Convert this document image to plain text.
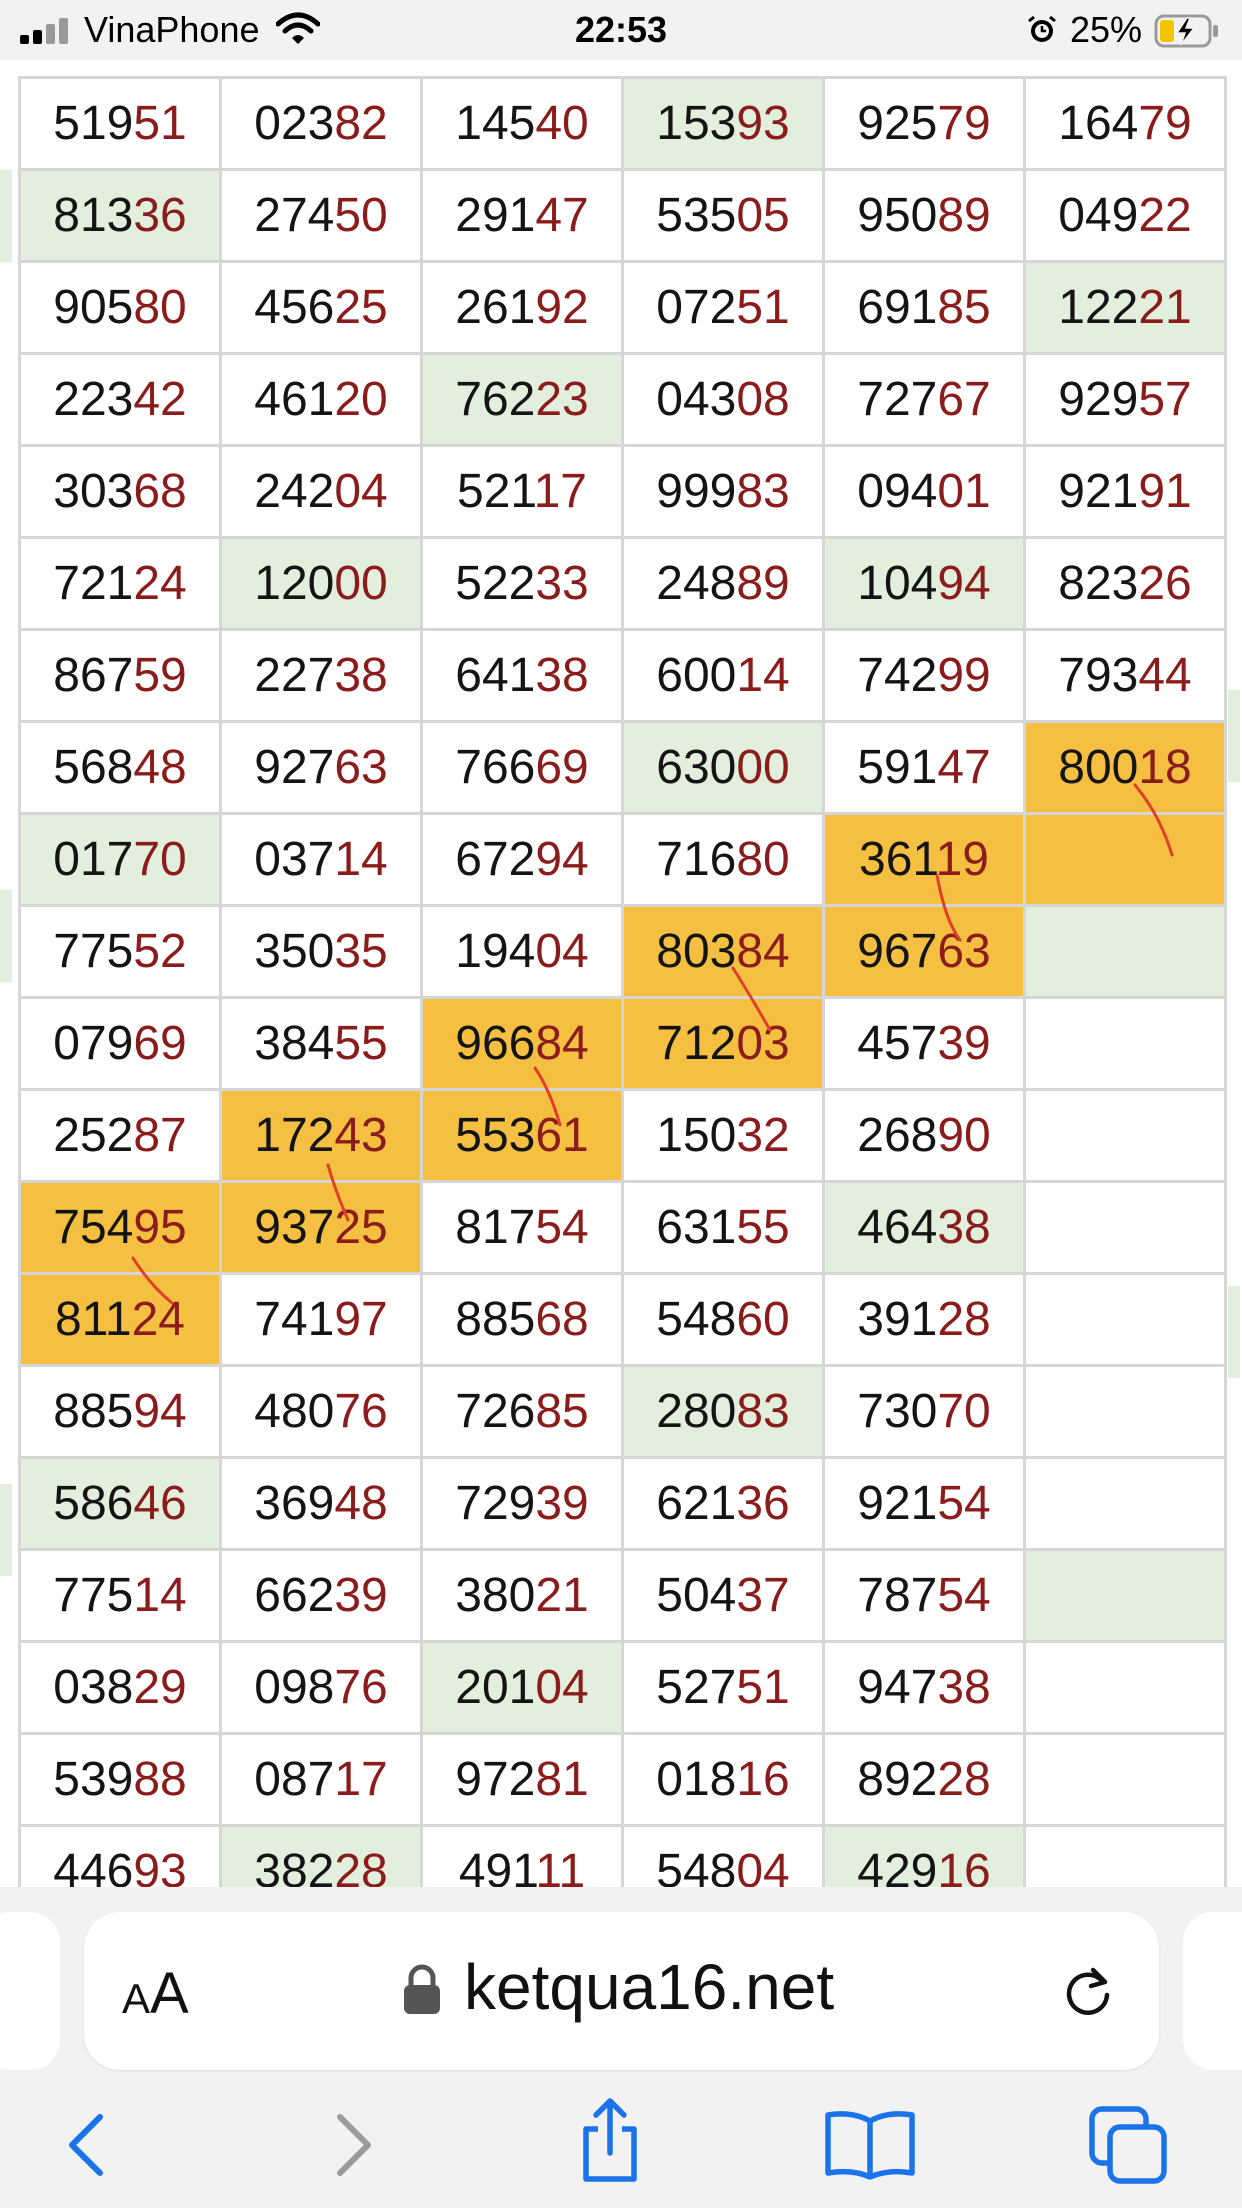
VinaPhone	22:53	25%
51951	02382	14540	15393	92579	16479
81336	27450	29147	53505	95089	04922
90580	45625	26192	07251	69185	12221
22342	46120	76223	04308	72767	92957
30368	24204	52117	99983	09401	92191
72124	12000	52233	24889	10494	82326
86759	22738	64138	60014	74299	79344
56848	92763	76669	63000	59147	80018
01770	03714	67294	71680	36119	
77552	35035	19404	80384	96763	
07969	38455	96684	71203	45739	
25287	17243	55361	15032	26890	
75495	93725	81754	63155	46438	
81124	74197	88568	54860	39128	
88594	48076	72685	28083	73070	
58646	36948	72939	62136	92154	
77514	66239	38021	50437	78754	
03829	09876	20104	52751	94738	
53988	08717	97281	01816	89228	
44693	38228	49111	54804	42916	
AA	ketqua16.net
